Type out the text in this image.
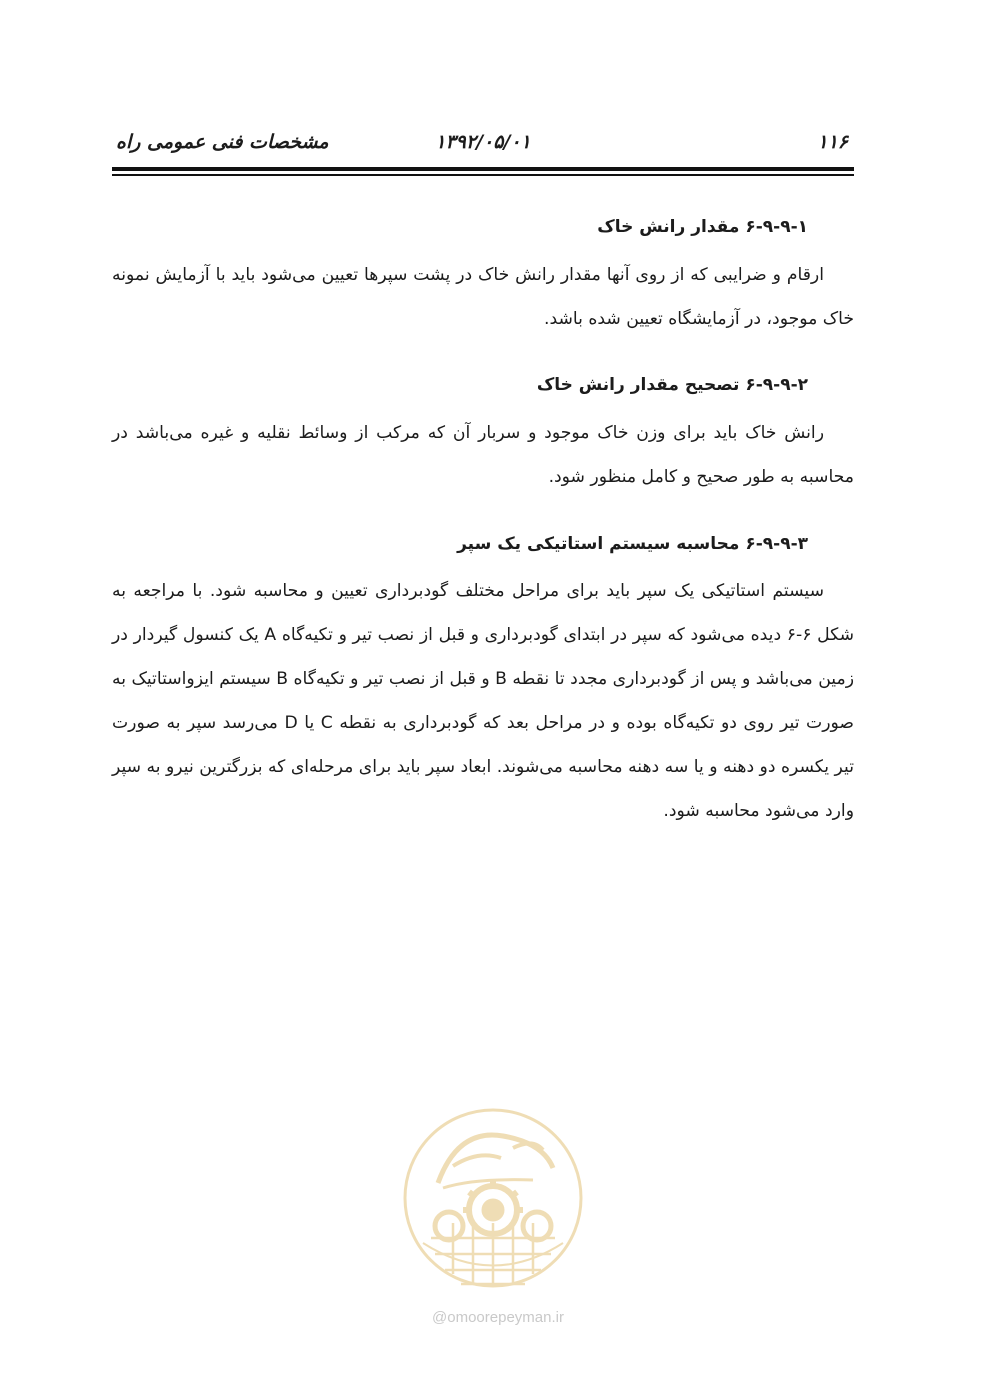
۱۱۶
۱۳۹۲/۰۵/۰۱
مشخصات فنی عمومی راه
۶-۹-۹-۱ مقدار رانش خاک

ارقام و ضرایبی که از روی آنها مقدار رانش خاک در پشت سپرها تعیین می‌شود باید با آزمایش نمونه خاک موجود، در آزمایشگاه تعیین شده باشد.

۶-۹-۹-۲ تصحیح مقدار رانش خاک

رانش خاک باید برای وزن خاک موجود و سربار آن که مرکب از وسائط نقلیه و غیره می‌باشد در محاسبه به طور صحیح و کامل منظور شود.

۶-۹-۹-۳ محاسبه سیستم استاتیکی یک سپر

سیستم استاتیکی یک سپر باید برای مراحل مختلف گودبرداری تعیین و محاسبه شود. با مراجعه به شکل ۶-۶ دیده می‌شود که سپر در ابتدای گودبرداری و قبل از نصب تیر و تکیه‌گاه A یک کنسول گیردار در زمین می‌باشد و پس از گودبرداری مجدد تا نقطه B و قبل از نصب تیر و تکیه‌گاه B سیستم ایزواستاتیک به صورت تیر روی دو تکیه‌گاه بوده و در مراحل بعد که گودبرداری به نقطه C یا D می‌رسد سپر به صورت تیر یکسره دو دهنه و یا سه دهنه محاسبه می‌شوند. ابعاد سپر باید برای مرحله‌ای که بزرگترین نیرو به سپر وارد می‌شود محاسبه شود.

@omoorepeyman.ir
